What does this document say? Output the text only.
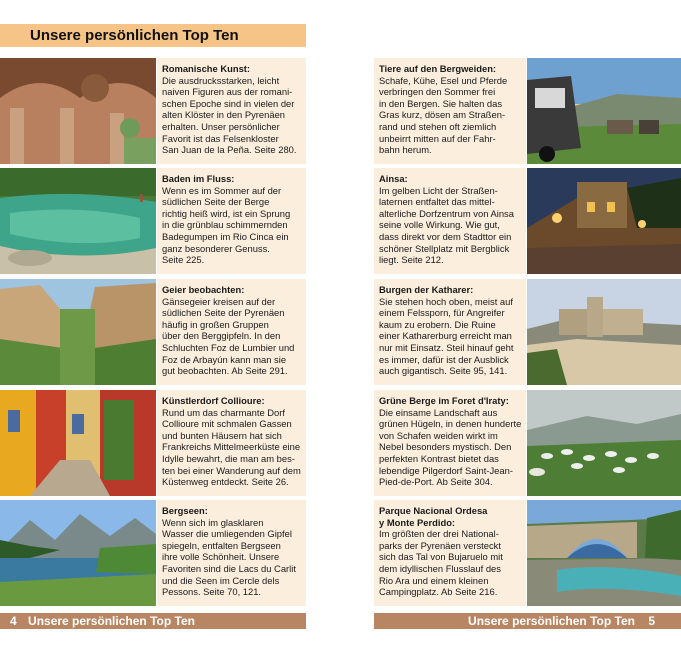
Unsere persönlichen Top Ten
Romanische Kunst:
Die ausdrucksstarken, leicht
naiven Figuren aus der romani-
schen Epoche sind in vielen der
alten Klöster in den Pyrenäen
erhalten. Unser persönlicher
Favorit ist das Felsenkloster
San Juan de la Peña. Seite 280.
Baden im Fluss:
Wenn es im Sommer auf der
südlichen Seite der Berge
richtig heiß wird, ist ein Sprung
in die grünblau schimmernden
Badegumpen im Rio Cinca ein
ganz besonderer Genuss.
Seite 225.
Geier beobachten:
Gänsegeier kreisen auf der
südlichen Seite der Pyrenäen
häufig in großen Gruppen
über den Berggipfeln. In den
Schluchten Foz de Lumbier und
Foz de Arbayún kann man sie
gut beobachten. Ab Seite 291.
Künstlerdorf Collioure:
Rund um das charmante Dorf
Collioure mit schmalen Gassen
und bunten Häusern hat sich
Frankreichs Mittelmeerküste eine
Idylle bewahrt, die man am bes-
ten bei einer Wanderung auf dem
Küstenweg entdeckt. Seite 26.
Bergseen:
Wenn sich im glasklaren
Wasser die umliegenden Gipfel
spiegeln, entfalten Bergseen
ihre volle Schönheit. Unsere
Favoriten sind die Lacs du Carlit
und die Seen im Cercle dels
Pessons. Seite 70, 121.
Tiere auf den Bergweiden:
Schafe, Kühe, Esel und Pferde
verbringen den Sommer frei
in den Bergen. Sie halten das
Gras kurz, dösen am Straßen-
rand und stehen oft ziemlich
unbeirrt mitten auf der Fahr-
bahn herum.
Ainsa:
Im gelben Licht der Straßen-
laternen entfaltet das mittel-
alterliche Dorfzentrum von Ainsa
seine volle Wirkung. Wie gut,
dass direkt vor dem Stadttor ein
schöner Stellplatz mit Bergblick
liegt. Seite 212.
Burgen der Katharer:
Sie stehen hoch oben, meist auf
einem Felssporn, für Angreifer
kaum zu erobern. Die Ruine
einer Katharerburg erreicht man
nur mit Einsatz. Steil hinauf geht
es immer, dafür ist der Ausblick
auch gigantisch. Seite 95, 141.
Grüne Berge im Foret d'Iraty:
Die einsame Landschaft aus
grünen Hügeln, in denen hunderte
von Schafen weiden wirkt im
Nebel besonders mystisch. Den
perfekten Kontrast bietet das
lebendige Pilgerdorf Saint-Jean-
Pied-de-Port. Ab Seite 304.
Parque Nacional Ordesa
y Monte Perdido:
Im größten der drei National-
parks der Pyrenäen versteckt
sich das Tal von Bujaruelo mit
dem idyllischen Flusslauf des
Rio Ara und einem kleinen
Campingplatz. Ab Seite 216.
4 Unsere persönlichen Top Ten	Unsere persönlichen Top Ten 5
